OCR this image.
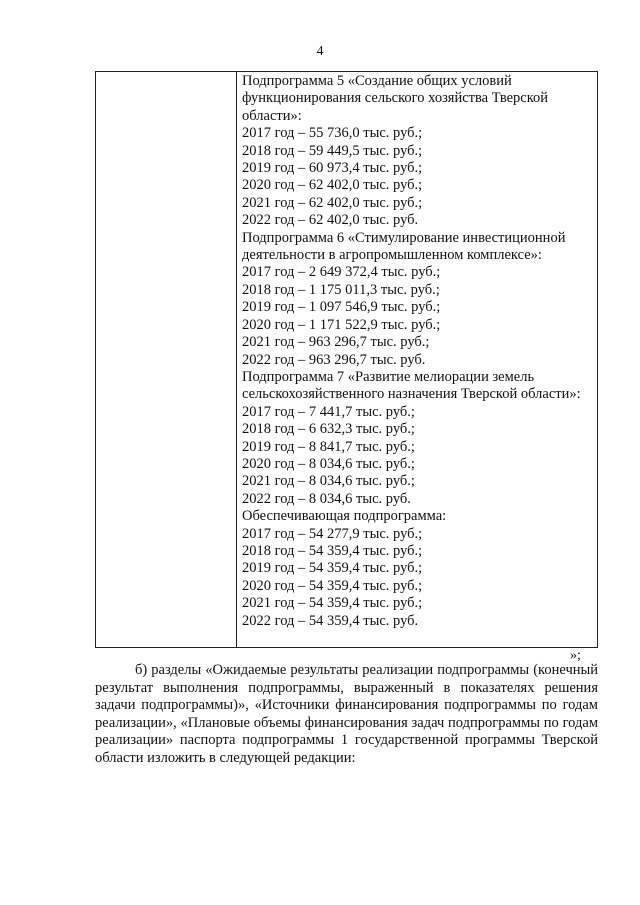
4
Подпрограмма 5 «Создание общих условий функционирования сельского хозяйства Тверской области»:
2017 год – 55 736,0 тыс. руб.;
2018 год – 59 449,5 тыс. руб.;
2019 год – 60 973,4 тыс. руб.;
2020 год – 62 402,0 тыс. руб.;
2021 год – 62 402,0 тыс. руб.;
2022 год – 62 402,0 тыс. руб.
Подпрограмма 6 «Стимулирование инвестиционной деятельности в агропромышленном комплексе»:
2017 год – 2 649 372,4 тыс. руб.;
2018 год – 1 175 011,3 тыс. руб.;
2019 год – 1 097 546,9 тыс. руб.;
2020 год – 1 171 522,9 тыс. руб.;
2021 год – 963 296,7 тыс. руб.;
2022 год – 963 296,7 тыс. руб.
Подпрограмма 7 «Развитие мелиорации земель сельскохозяйственного назначения Тверской области»:
2017 год – 7 441,7 тыс. руб.;
2018 год – 6 632,3 тыс. руб.;
2019 год – 8 841,7 тыс. руб.;
2020 год – 8 034,6 тыс. руб.;
2021 год – 8 034,6 тыс. руб.;
2022 год – 8 034,6 тыс. руб.
Обеспечивающая подпрограмма:
2017 год – 54 277,9 тыс. руб.;
2018 год – 54 359,4 тыс. руб.;
2019 год – 54 359,4 тыс. руб.;
2020 год – 54 359,4 тыс. руб.;
2021 год – 54 359,4 тыс. руб.;
2022 год – 54 359,4 тыс. руб.
»;

б) разделы «Ожидаемые результаты реализации подпрограммы (конечный результат выполнения подпрограммы, выраженный в показателях решения задачи подпрограммы)», «Источники финансирования подпрограммы по годам реализации», «Плановые объемы финансирования задач подпрограммы по годам реализации» паспорта подпрограммы 1 государственной программы Тверской области изложить в следующей редакции:
